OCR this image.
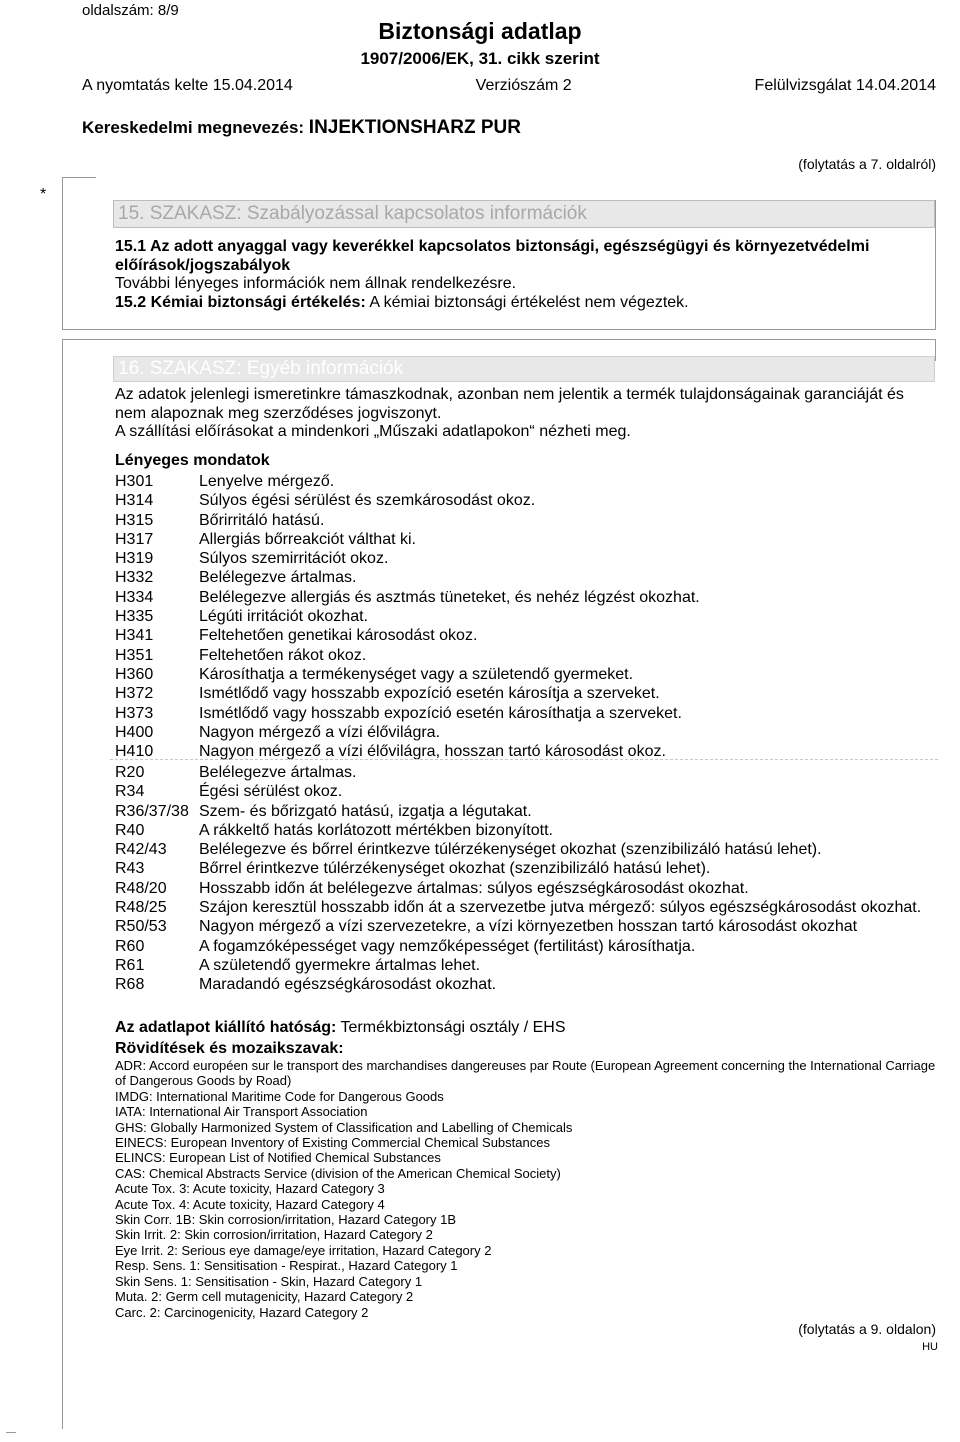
oldalszám: 8/9
Biztonsági adatlap
1907/2006/EK, 31. cikk szerint
A nyomtatás kelte 15.04.2014	Verziószám 2	Felülvizsgálat 14.04.2014
Kereskedelmi megnevezés: INJEKTIONSHARZ PUR
(folytatás a 7. oldalról)
*
15. SZAKASZ: Szabályozással kapcsolatos információk
15.1 Az adott anyaggal vagy keverékkel kapcsolatos biztonsági, egészségügyi és környezetvédelmi előírások/jogszabályok
További lényeges információk nem állnak rendelkezésre.
15.2 Kémiai biztonsági értékelés: A kémiai biztonsági értékelést nem végeztek.
16. SZAKASZ: Egyéb információk
Az adatok jelenlegi ismeretinkre támaszkodnak, azonban nem jelentik a termék tulajdonságainak garanciáját és nem alapoznak meg szerződéses jogviszonyt.
A szállítási előírásokat a mindenkori „Műszaki adatlapokon“ nézheti meg.
Lényeges mondatok
H301	Lenyelve mérgező.
H314	Súlyos égési sérülést és szemkárosodást okoz.
H315	Bőrirritáló hatású.
H317	Allergiás bőrreakciót válthat ki.
H319	Súlyos szemirritációt okoz.
H332	Belélegezve ártalmas.
H334	Belélegezve allergiás és asztmás tüneteket, és nehéz légzést okozhat.
H335	Légúti irritációt okozhat.
H341	Feltehetően genetikai károsodást okoz.
H351	Feltehetően rákot okoz.
H360	Károsíthatja a termékenységet vagy a születendő gyermeket.
H372	Ismétlődő vagy hosszabb expozíció esetén károsítja a szerveket.
H373	Ismétlődő vagy hosszabb expozíció esetén károsíthatja a szerveket.
H400	Nagyon mérgező a vízi élővilágra.
H410	Nagyon mérgező a vízi élővilágra, hosszan tartó károsodást okoz.
R20	Belélegezve ártalmas.
R34	Égési sérülést okoz.
R36/37/38 Szem- és bőrizgató hatású, izgatja a légutakat.
R40	A rákkeltő hatás korlátozott mértékben bizonyított.
R42/43	Belélegezve és bőrrel érintkezve túlérzékenységet okozhat (szenzibilizáló hatású lehet).
R43	Bőrrel érintkezve túlérzékenységet okozhat (szenzibilizáló hatású lehet).
R48/20	Hosszabb időn át belélegezve ártalmas: súlyos egészségkárosodást okozhat.
R48/25	Szájon keresztül hosszabb időn át a szervezetbe jutva mérgező: súlyos egészségkárosodást okozhat.
R50/53	Nagyon mérgező a vízi szervezetekre, a vízi környezetben hosszan tartó károsodást okozhat
R60	A fogamzóképességet vagy nemzőképességet (fertilitást) károsíthatja.
R61	A születendő gyermekre ártalmas lehet.
R68	Maradandó egészségkárosodást okozhat.
Az adatlapot kiállító hatóság: Termékbiztonsági osztály / EHS
Rövidítések és mozaikszavak:
ADR: Accord européen sur le transport des marchandises dangereuses par Route (European Agreement concerning the International Carriage of Dangerous Goods by Road)
IMDG: International Maritime Code for Dangerous Goods
IATA: International Air Transport Association
GHS: Globally Harmonized System of Classification and Labelling of Chemicals
EINECS: European Inventory of Existing Commercial Chemical Substances
ELINCS: European List of Notified Chemical Substances
CAS: Chemical Abstracts Service (division of the American Chemical Society)
Acute Tox. 3: Acute toxicity, Hazard Category 3
Acute Tox. 4: Acute toxicity, Hazard Category 4
Skin Corr. 1B: Skin corrosion/irritation, Hazard Category 1B
Skin Irrit. 2: Skin corrosion/irritation, Hazard Category 2
Eye Irrit. 2: Serious eye damage/eye irritation, Hazard Category 2
Resp. Sens. 1: Sensitisation - Respirat., Hazard Category 1
Skin Sens. 1: Sensitisation - Skin, Hazard Category 1
Muta. 2: Germ cell mutagenicity, Hazard Category 2
Carc. 2: Carcinogenicity, Hazard Category 2
(folytatás a 9. oldalon)
HU
